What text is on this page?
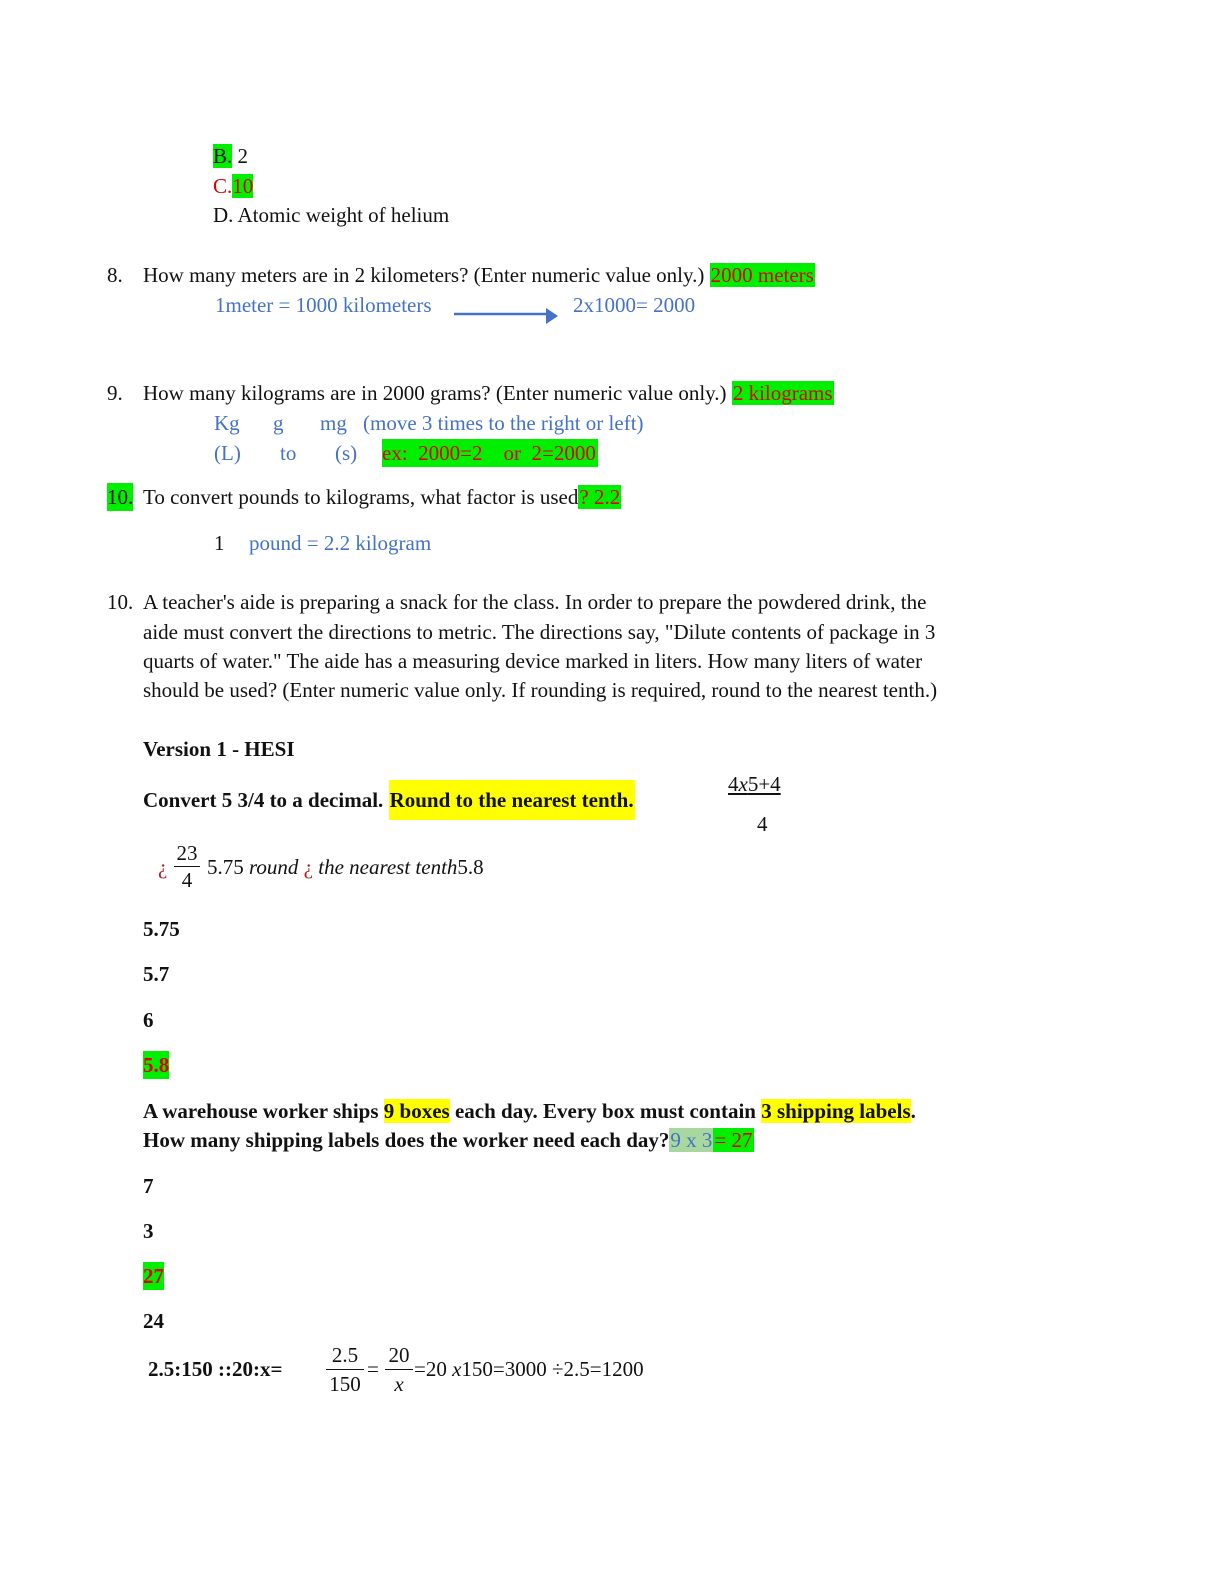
B. 2
C.10
D. Atomic weight of helium
8. How many meters are in 2 kilometers? (Enter numeric value only.) 2000 meters
1meter = 1000 kilometers	2x1000= 2000
9. How many kilograms are in 2000 grams? (Enter numeric value only.) 2 kilograms
Kg g mg (move 3 times to the right or left)
(L) to (s) ex:  2000=2    or  2=2000
10. To convert pounds to kilograms, what factor is used? 2.2
1 pound = 2.2 kilogram
10. A teacher's aide is preparing a snack for the class. In order to prepare the powdered drink, the
aide must convert the directions to metric. The directions say, "Dilute contents of package in 3
quarts of water." The aide has a measuring device marked in liters. How many liters of water
should be used? (Enter numeric value only. If rounding is required, round to the nearest tenth.)
Version 1 - HESI
Convert 5 3/4 to a decimal. Round to the nearest tenth.
4x5+4
4
¿ $\frac{23}{4} 5.75$ round ¿ the nearest tenth5.8
5.75
5.7
6
5.8
A warehouse worker ships 9 boxes each day. Every box must contain 3 shipping labels.
How many shipping labels does the worker need each day?9 x 3= 27
7
3
27
24
2.5:150 ::20:x= $\frac{2.5}{150} = \frac{20}{x} =20$ x150=3000 ÷2.5=1200
